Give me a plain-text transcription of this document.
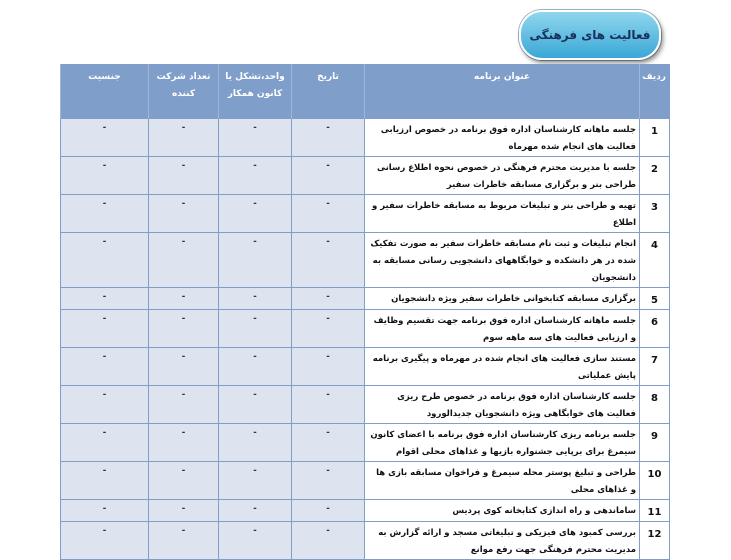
فعالیت های فرهنگی
ردیف	عنوان برنامه	تاریخ	واحد،تشکل یا کانون همکار	تعداد شرکت کننده	جنسیت
1	جلسه ماهانه کارشناسان اداره فوق برنامه در خصوص ارزیابی فعالیت های انجام شده مهرماه	-	-	-	-
2	جلسه با مدیریت محترم فرهنگی در خصوص نحوه اطلاع رسانی طراحی بنر و برگزاری مسابقه خاطرات سفیر	-	-	-	-
3	تهیه و طراحی بنر و تبلیغات مربوط به مسابقه خاطرات سفیر و اطلاع	-	-	-	-
4	انجام تبلیغات و ثبت نام مسابقه خاطرات سفیر به صورت تفکیک شده در هر دانشکده و خوابگاههای دانشجویی رسانی مسابقه به دانشجویان	-	-	-	-
5	برگزاری مسابقه کتابخوانی خاطرات سفیر ویژه دانشجویان	-	-	-	-
6	جلسه ماهانه کارشناسان اداره فوق برنامه جهت تقسیم وظایف و ارزیابی فعالیت های سه ماهه سوم	-	-	-	-
7	مستند سازی فعالیت های انجام شده در مهرماه و پیگیری برنامه پایش عملیاتی	-	-	-	-
8	جلسه کارشناسان اداره فوق برنامه در خصوص طرح ریزی فعالیت های خوابگاهی ویژه دانشجویان جدیدالورود	-	-	-	-
9	جلسه برنامه ریزی کارشناسان اداره فوق برنامه با اعضای کانون سیمرغ برای برپایی جشنواره بازیها و غذاهای محلی اقوام	-	-	-	-
10	طراحی و تبلیغ پوستر محله سیمرغ و فراخوان مسابقه بازی ها و غذاهای محلی	-	-	-	-
11	ساماندهی و راه اندازی کتابخانه کوی پردیس	-	-	-	-
12	بررسی کمبود های فیزیکی و تبلیغاتی مسجد و ارائه گزارش به مدیریت محترم فرهنگی جهت رفع موانع	-	-	-	-
